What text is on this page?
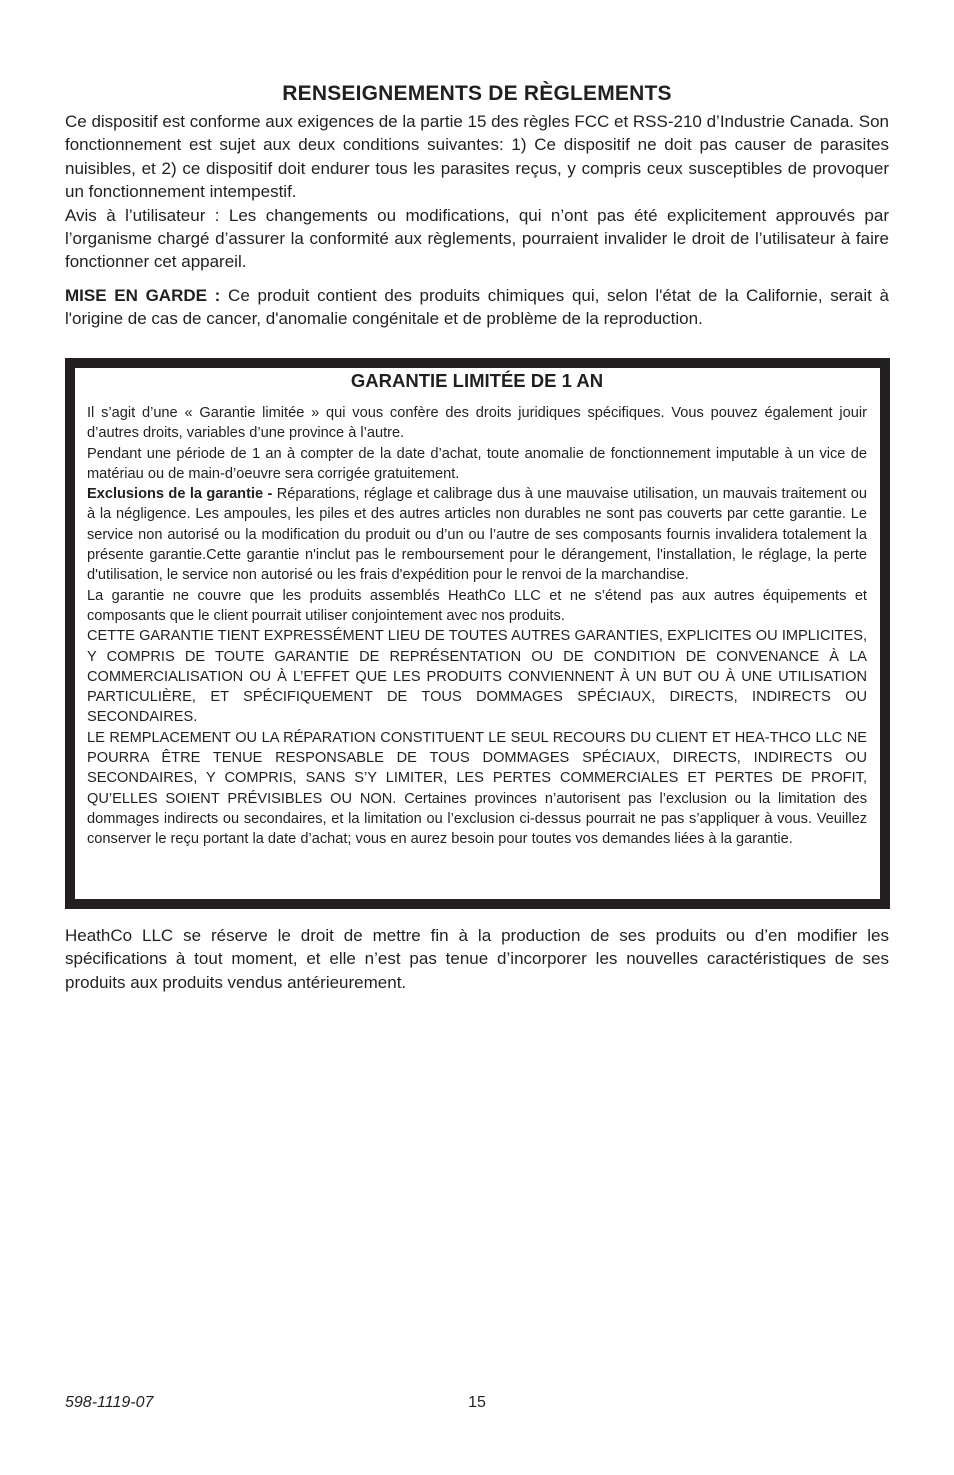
RENSEIGNEMENTS DE RÈGLEMENTS

Ce dispositif est conforme aux exigences de la partie 15 des règles FCC et RSS-210 d’Industrie Canada. Son fonctionnement est sujet aux deux conditions suivantes: 1) Ce dispositif ne doit pas causer de parasites nuisibles, et 2) ce dispositif doit endurer tous les parasites reçus, y compris ceux susceptibles de provoquer un fonctionnement intempestif.

Avis à l’utilisateur : Les changements ou modifications, qui n’ont pas été explicitement approuvés par l’organisme chargé d’assurer la conformité aux règlements, pourraient invalider le droit de l’utilisateur à faire fonctionner cet appareil.

MISE EN GARDE : Ce produit contient des produits chimiques qui, selon l'état de la Californie, serait à l'origine de cas de cancer, d'anomalie congénitale et de problème de la reproduction.

GARANTIE LIMITÉE DE 1 AN

Il s’agit d’une « Garantie limitée » qui vous confère des droits juridiques spécifiques. Vous pouvez également jouir d’autres droits, variables d’une province à l’autre.

Pendant une période de 1 an à compter de la date d’achat, toute anomalie de fonctionnement imputable à un vice de matériau ou de main-d’oeuvre sera corrigée gratuitement.

Exclusions de la garantie - Réparations, réglage et calibrage dus à une mauvaise utilisation, un mauvais traitement ou à la négligence. Les ampoules, les piles et des autres articles non durables ne sont pas couverts par cette garantie. Le service non autorisé ou la modification du produit ou d’un ou l’autre de ses composants fournis invalidera totalement la présente garantie.Cette garantie n'inclut pas le remboursement pour le dérangement, l'installation, le réglage, la perte d'utilisation, le service non autorisé ou les frais d'expédition pour le renvoi de la marchandise.

La garantie ne couvre que les produits assemblés HeathCo LLC et ne s’étend pas aux autres équipements et composants que le client pourrait utiliser conjointement avec nos produits.

CETTE GARANTIE TIENT EXPRESSÉMENT LIEU DE TOUTES AUTRES GARANTIES, EXPLICITES OU IMPLICITES, Y COMPRIS DE TOUTE GARANTIE DE REPRÉSENTATION OU DE CONDITION DE CONVENANCE À LA COMMERCIALISATION OU À L’EFFET QUE LES PRODUITS CONVIENNENT À UN BUT OU À UNE UTILISATION PARTICULIÈRE, ET SPÉCIFIQUEMENT DE TOUS DOMMAGES SPÉCIAUX, DIRECTS, INDIRECTS OU SECONDAIRES.

LE REMPLACEMENT OU LA RÉPARATION CONSTITUENT LE SEUL RECOURS DU CLIENT ET HEA-THCO LLC NE POURRA ÊTRE TENUE RESPONSABLE DE TOUS DOMMAGES SPÉCIAUX, DIRECTS, INDIRECTS OU SECONDAIRES, Y COMPRIS, SANS S’Y LIMITER, LES PERTES COMMERCIALES ET PERTES DE PROFIT, QU’ELLES SOIENT PRÉVISIBLES OU NON. Certaines provinces n’autorisent pas l’exclusion ou la limitation des dommages indirects ou secondaires, et la limitation ou l’exclusion ci-dessus pourrait ne pas s’appliquer à vous. Veuillez conserver le reçu portant la date d’achat; vous en aurez besoin pour toutes vos demandes liées à la garantie.

HeathCo LLC se réserve le droit de mettre fin à la production de ses produits ou d’en modifier les spécifications à tout moment, et elle n’est pas tenue d’incorporer les nouvelles caractéristiques de ses produits aux produits vendus antérieurement.

598-1119-07	15
